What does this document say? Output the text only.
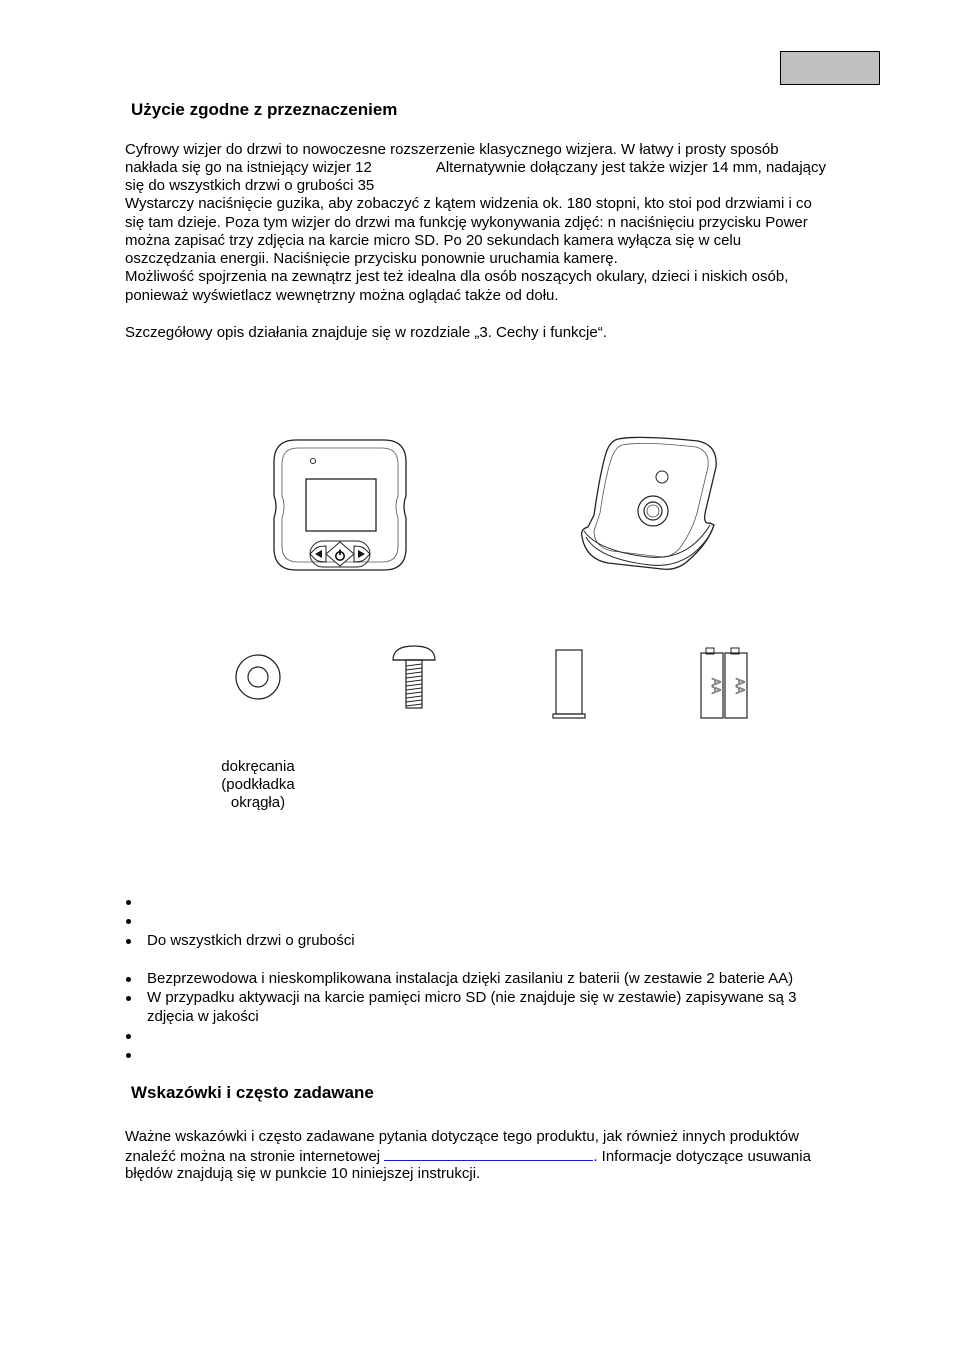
Użycie zgodne z przeznaczeniem
Cyfrowy wizjer do drzwi to nowoczesne rozszerzenie klasycznego wizjera. W łatwy i prosty sposób
nakłada się go na istniejący wizjer 12	Alternatywnie dołączany jest także wizjer 14 mm, nadający
się do wszystkich drzwi o grubości 35
Wystarczy naciśnięcie guzika, aby zobaczyć z kątem widzenia ok. 180 stopni, kto stoi pod drzwiami i co
się tam dzieje. Poza tym wizjer do drzwi ma funkcję wykonywania zdjęć: n naciśnięciu przycisku Power
można zapisać trzy zdjęcia na karcie micro SD. Po 20 sekundach kamera wyłącza się w celu
oszczędzania energii. Naciśnięcie przycisku ponownie uruchamia kamerę.
Możliwość spojrzenia na zewnątrz jest też idealna dla osób noszących okulary, dzieci i niskich osób,
ponieważ wyświetlacz wewnętrzny można oglądać także od dołu.
Szczegółowy opis działania znajduje się w rozdziale „3. Cechy i funkcje“.
AA AA
dokręcania
(podkładka
okrągła)
Do wszystkich drzwi o grubości
Bezprzewodowa i nieskomplikowana instalacja dzięki zasilaniu z baterii (w zestawie 2 baterie AA)
W przypadku aktywacji na karcie pamięci micro SD (nie znajduje się w zestawie) zapisywane są 3
zdjęcia w jakości
Wskazówki i często zadawane
Ważne wskazówki i często zadawane pytania dotyczące tego produktu, jak również innych produktów
znaleźć można na stronie internetowej	. Informacje dotyczące usuwania
błędów znajdują się w punkcie 10 niniejszej instrukcji.
